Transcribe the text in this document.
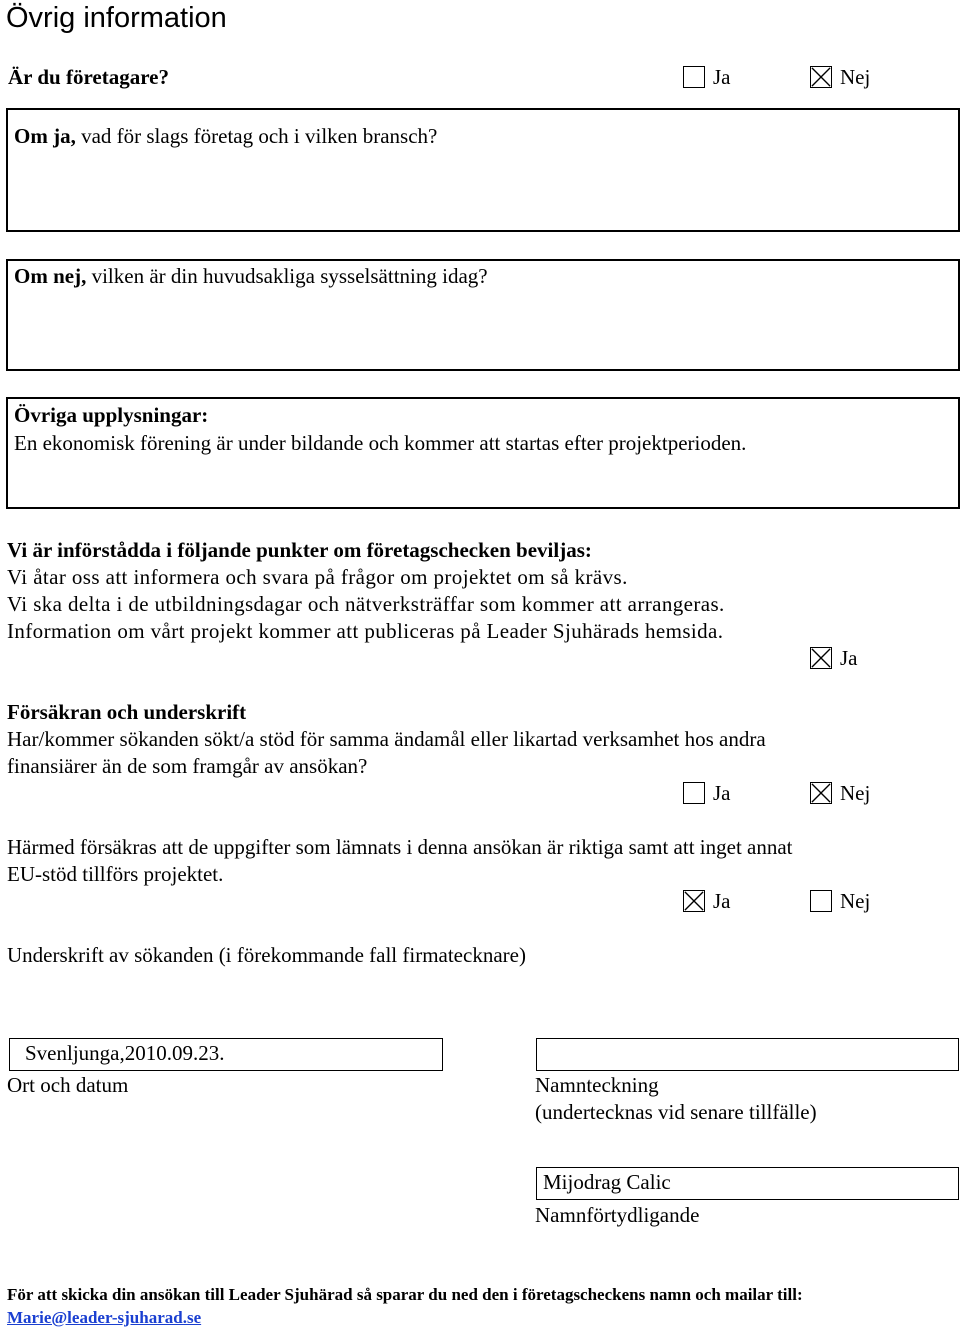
Övrig information
Är du företagare?	Ja	Nej
Om ja, vad för slags företag och i vilken bransch?
Om nej, vilken är din huvudsakliga sysselsättning idag?
Övriga upplysningar:
En ekonomisk förening är under bildande och kommer att startas efter projektperioden.
Vi är införstådda i följande punkter om företagschecken beviljas:
Vi åtar oss att informera och svara på frågor om projektet om så krävs.
Vi ska delta i de utbildningsdagar och nätverksträffar som kommer att arrangeras.
Information om vårt projekt kommer att publiceras på Leader Sjuhärads hemsida.
Ja
Försäkran och underskrift
Har/kommer sökanden sökt/a stöd för samma ändamål eller likartad verksamhet hos andra
finansiärer än de som framgår av ansökan?
Ja	Nej
Härmed försäkras att de uppgifter som lämnats i denna ansökan är riktiga samt att inget annat
EU-stöd tillförs projektet.
Ja	Nej
Underskrift av sökanden (i förekommande fall firmatecknare)
Svenljunga,2010.09.23.
Ort och datum	Namnteckning
(undertecknas vid senare tillfälle)
Mijodrag Calic
Namnförtydligande
För att skicka din ansökan till Leader Sjuhärad så sparar du ned den i företagscheckens namn och mailar till:
Marie@leader-sjuharad.se
